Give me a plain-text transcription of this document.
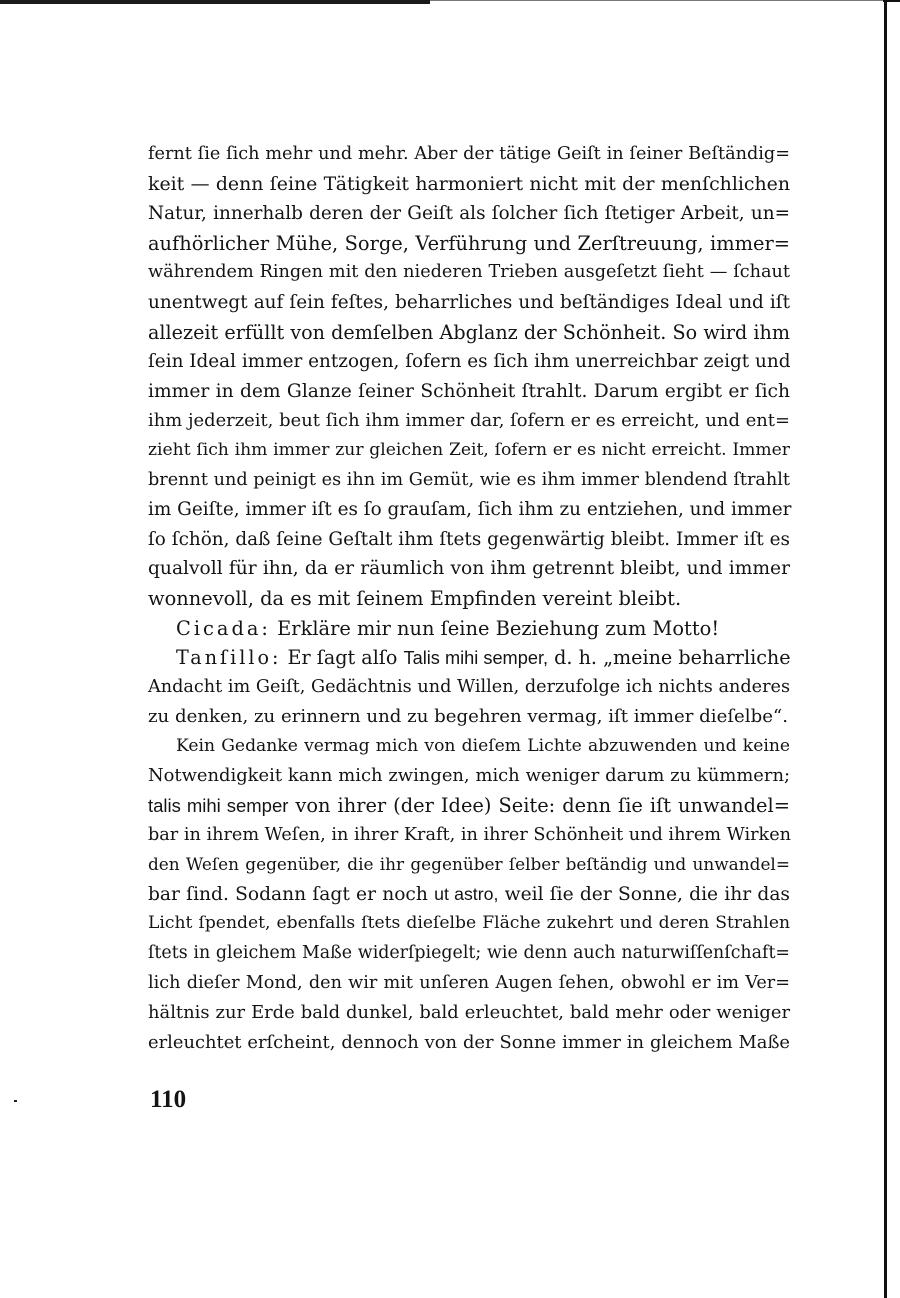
fernt ſie ſich mehr und mehr. Aber der tätige Geiſt in ſeiner Beſtändig=
keit — denn ſeine Tätigkeit harmoniert nicht mit der menſchlichen
Natur, innerhalb deren der Geiſt als ſolcher ſich ſtetiger Arbeit, un=
aufhörlicher Mühe, Sorge, Verführung und Zerſtreuung, immer=
währendem Ringen mit den niederen Trieben ausgeſetzt ſieht — ſchaut
unentwegt auf ſein feſtes, beharrliches und beſtändiges Ideal und iſt
allezeit erfüllt von demſelben Abglanz der Schönheit. So wird ihm
ſein Ideal immer entzogen, ſofern es ſich ihm unerreichbar zeigt und
immer in dem Glanze ſeiner Schönheit ſtrahlt. Darum ergibt er ſich
ihm jederzeit, beut ſich ihm immer dar, ſofern er es erreicht, und ent=
zieht ſich ihm immer zur gleichen Zeit, ſofern er es nicht erreicht. Immer
brennt und peinigt es ihn im Gemüt, wie es ihm immer blendend ſtrahlt
im Geiſte, immer iſt es ſo grauſam, ſich ihm zu entziehen, und immer
ſo ſchön, daß ſeine Geſtalt ihm ſtets gegenwärtig bleibt. Immer iſt es
qualvoll für ihn, da er räumlich von ihm getrennt bleibt, und immer
wonnevoll, da es mit ſeinem Empfinden vereint bleibt.
Cicada: Erkläre mir nun ſeine Beziehung zum Motto!
Tanſillo: Er ſagt alſo Talis mihi semper, d. h. „meine beharrliche
Andacht im Geiſt, Gedächtnis und Willen, derzufolge ich nichts anderes
zu denken, zu erinnern und zu begehren vermag, iſt immer dieſelbe“.
Kein Gedanke vermag mich von dieſem Lichte abzuwenden und keine
Notwendigkeit kann mich zwingen, mich weniger darum zu kümmern;
talis mihi semper von ihrer (der Idee) Seite: denn ſie iſt unwandel=
bar in ihrem Weſen, in ihrer Kraft, in ihrer Schönheit und ihrem Wirken
den Weſen gegenüber, die ihr gegenüber ſelber beſtändig und unwandel=
bar ſind. Sodann ſagt er noch ut astro, weil ſie der Sonne, die ihr das
Licht ſpendet, ebenfalls ſtets dieſelbe Fläche zukehrt und deren Strahlen
ſtets in gleichem Maße widerſpiegelt; wie denn auch naturwiſſenſchaft=
lich dieſer Mond, den wir mit unſeren Augen ſehen, obwohl er im Ver=
hältnis zur Erde bald dunkel, bald erleuchtet, bald mehr oder weniger
erleuchtet erſcheint, dennoch von der Sonne immer in gleichem Maße
110
